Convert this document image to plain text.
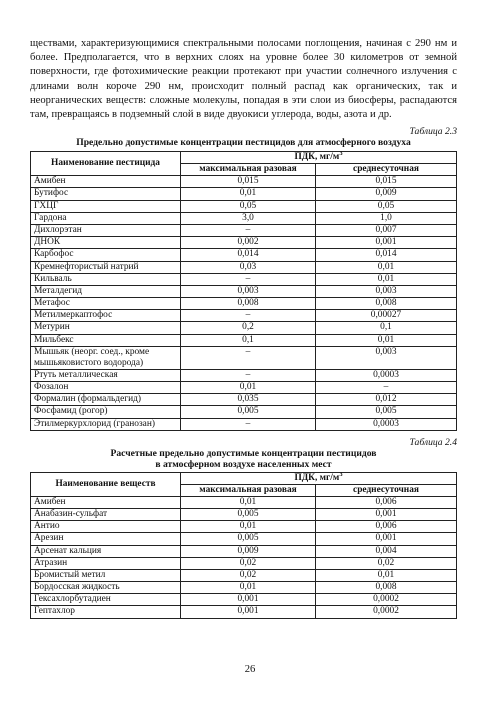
ществами, характеризующимися спектральными полосами поглощения, начиная с 290 нм и более. Предполагается, что в верхних слоях на уровне более 30 километров от земной поверхности, где фотохимические реакции протекают при участии солнечного излучения с длинами волн короче 290 нм, происходит полный распад как органических, так и неорганических веществ: сложные молекулы, попадая в эти слои из биосферы, распадаются там, превращаясь в подземный слой в виде двуокиси углерода, воды, азота и др.

Таблица 2.3

Предельно допустимые концентрации пестицидов для атмосферного воздуха

Наименование пестицида	ПДК, $мг/м^3$
	максимальная разовая	среднесуточная
Амибен	0,015	0,015
Бутифос	0,01	0,009
ГХЦГ	0,05	0,05
Гардона	3,0	1,0
Дихлорэтан	–	0,007
ДНОК	0,002	0,001
Карбофос	0,014	0,014
Кремнефтористый натрий	0,03	0,01
Кильваль	–	0,01
Металдегид	0,003	0,003
Метафос	0,008	0,008
Метилмеркаптофос	–	0,00027
Метурин	0,2	0,1
Мильбекс	0,1	0,01
Мышьяк (неорг. соед., кроме мышьяковистого водорода)	–	0,003
Ртуть металлическая	–	0,0003
Фозалон	0,01	–
Формалин (формальдегид)	0,035	0,012
Фосфамид (рогор)	0,005	0,005
Этилмеркурхлорид (гранозан)	–	0,0003

Таблица 2.4

Расчетные предельно допустимые концентрации пестицидов

в атмосферном воздухе населенных мест

Наименование веществ	ПДК, $мг/м^3$
	максимальная разовая	среднесуточная
Амибен	0,01	0,006
Анабазин-сульфат	0,005	0,001
Антио	0,01	0,006
Арезин	0,005	0,001
Арсенат кальция	0,009	0,004
Атразин	0,02	0,02
Бромистый метил	0,02	0,01
Бордосская жидкость	0,01	0,008
Гексахлорбутадиен	0,001	0,0002
Гептахлор	0,001	0,0002
26
